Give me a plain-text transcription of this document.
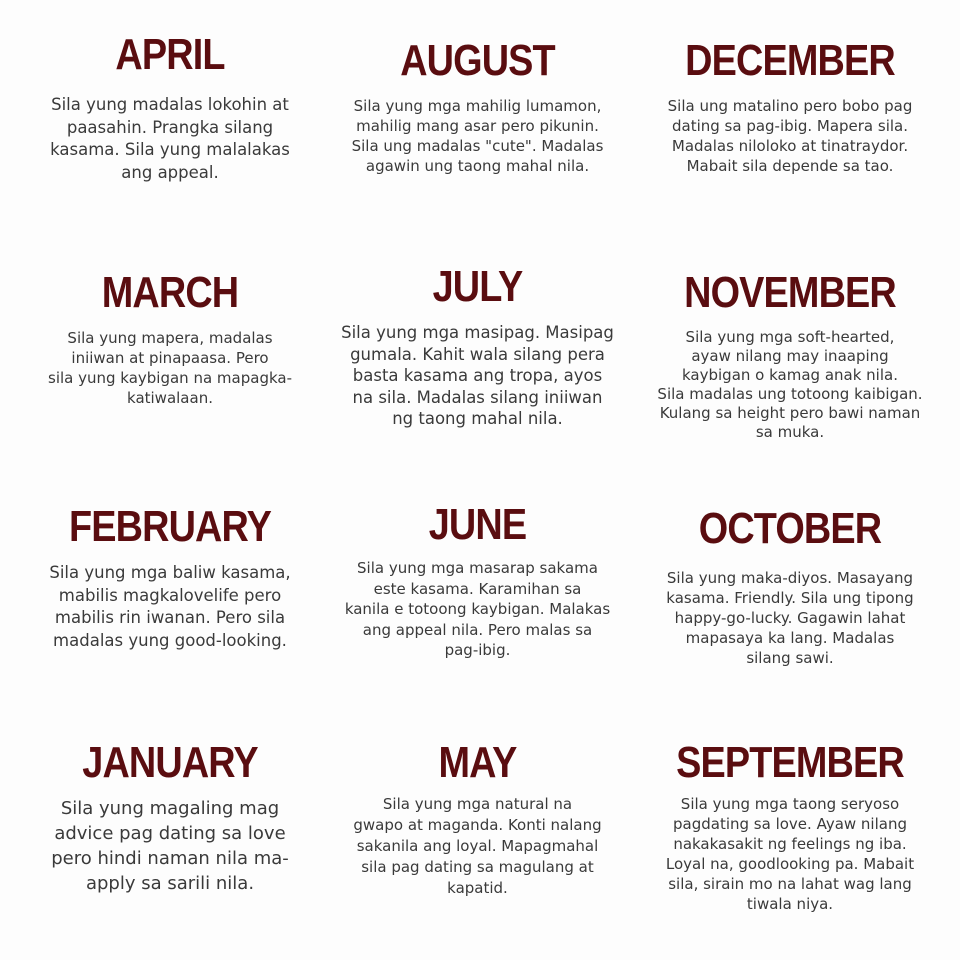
APRIL

Sila yung madalas lokohin at
paasahin. Prangka silang
kasama. Sila yung malalakas
ang appeal.

AUGUST

Sila yung mga mahilig lumamon,
mahilig mang asar pero pikunin.
Sila ung madalas "cute". Madalas
agawin ung taong mahal nila.

DECEMBER

Sila ung matalino pero bobo pag
dating sa pag-ibig. Mapera sila.
Madalas niloloko at tinatraydor.
Mabait sila depende sa tao.

MARCH

Sila yung mapera, madalas
iniiwan at pinapaasa. Pero
sila yung kaybigan na mapagka-
katiwalaan.

JULY

Sila yung mga masipag. Masipag
gumala. Kahit wala silang pera
basta kasama ang tropa, ayos
na sila. Madalas silang iniiwan
ng taong mahal nila.

NOVEMBER

Sila yung mga soft-hearted,
ayaw nilang may inaaping
kaybigan o kamag anak nila.
Sila madalas ung totoong kaibigan.
Kulang sa height pero bawi naman
sa muka.

FEBRUARY

Sila yung mga baliw kasama,
mabilis magkalovelife pero
mabilis rin iwanan. Pero sila
madalas yung good-looking.

JUNE

Sila yung mga masarap sakama
este kasama. Karamihan sa
kanila e totoong kaybigan. Malakas
ang appeal nila. Pero malas sa
pag-ibig.

OCTOBER

Sila yung maka-diyos. Masayang
kasama. Friendly. Sila ung tipong
happy-go-lucky. Gagawin lahat
mapasaya ka lang. Madalas
silang sawi.

JANUARY

Sila yung magaling mag
advice pag dating sa love
pero hindi naman nila ma-
apply sa sarili nila.

MAY

Sila yung mga natural na
gwapo at maganda. Konti nalang
sakanila ang loyal. Mapagmahal
sila pag dating sa magulang at
kapatid.

SEPTEMBER

Sila yung mga taong seryoso
pagdating sa love. Ayaw nilang
nakakasakit ng feelings ng iba.
Loyal na, goodlooking pa. Mabait
sila, sirain mo na lahat wag lang
tiwala niya.
